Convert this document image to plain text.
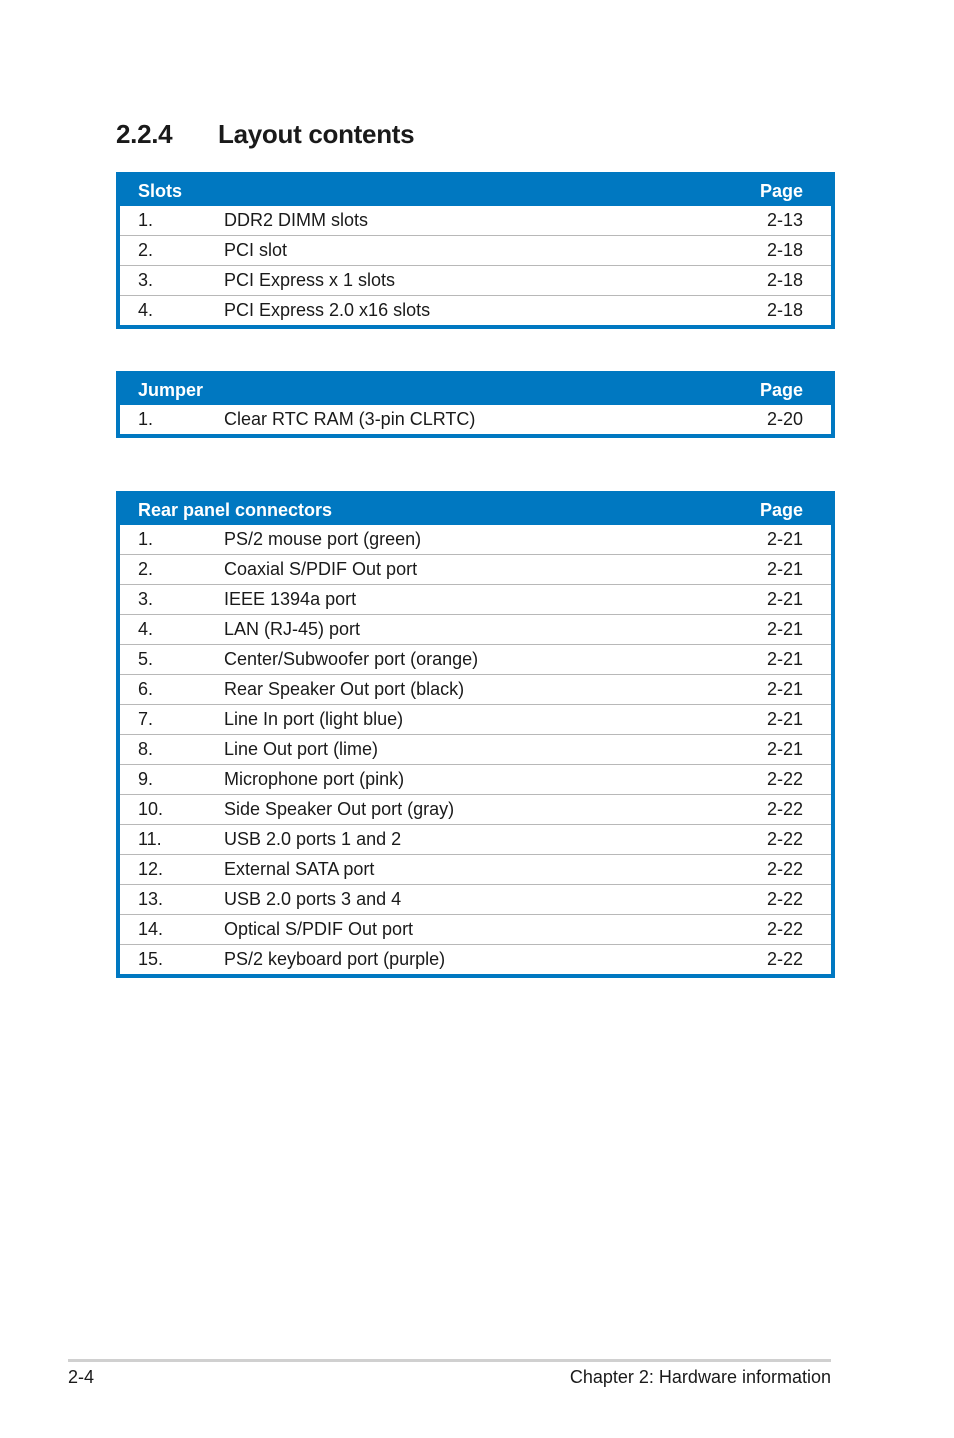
2.2.4 Layout contents
Slots		Page
1.	DDR2 DIMM slots	2-13
2.	PCI slot	2-18
3.	PCI Express x 1 slots	2-18
4.	PCI Express 2.0 x16 slots	2-18
Jumper		Page
1.	Clear RTC RAM (3-pin CLRTC)	2-20
Rear panel connectors		Page
1.	PS/2 mouse port (green)	2-21
2.	Coaxial S/PDIF Out port	2-21
3.	IEEE 1394a port	2-21
4.	LAN (RJ-45) port	2-21
5.	Center/Subwoofer port (orange)	2-21
6.	Rear Speaker Out port (black)	2-21
7.	Line In port (light blue)	2-21
8.	Line Out port (lime)	2-21
9.	Microphone port (pink)	2-22
10.	Side Speaker Out port (gray)	2-22
11.	USB 2.0 ports 1 and 2	2-22
12.	External SATA port	2-22
13.	USB 2.0 ports 3 and 4	2-22
14.	Optical S/PDIF Out port	2-22
15.	PS/2 keyboard port (purple)	2-22
2-4	Chapter 2: Hardware information
